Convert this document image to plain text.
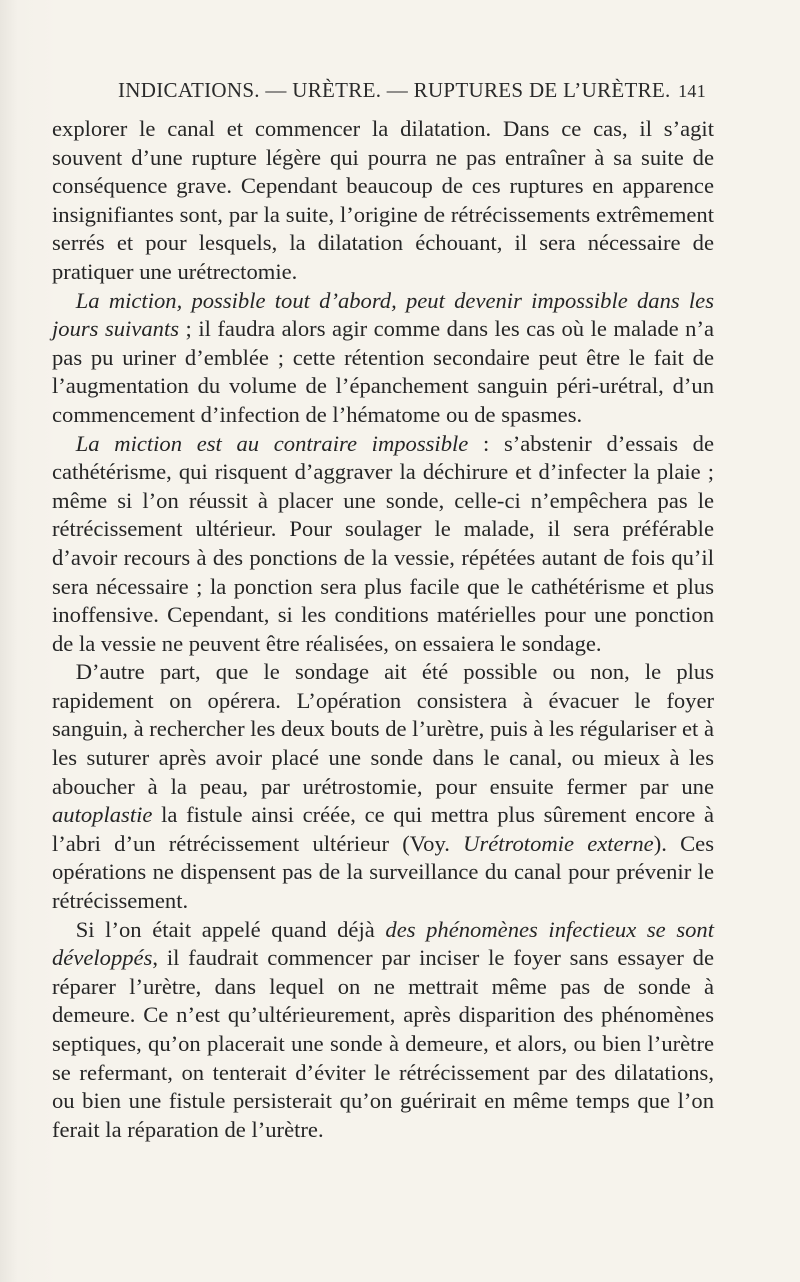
INDICATIONS. — URÈTRE. — RUPTURES DE L’URÈTRE. 141

explorer le canal et commencer la dilatation. Dans ce cas, il s’agit souvent d’une rupture légère qui pourra ne pas entraîner à sa suite de conséquence grave. Cependant beaucoup de ces ruptures en apparence insignifiantes sont, par la suite, l’origine de rétrécissements extrêmement serrés et pour lesquels, la dilatation échouant, il sera nécessaire de pratiquer une urétrectomie.

La miction, possible tout d’abord, peut devenir impossible dans les jours suivants ; il faudra alors agir comme dans les cas où le malade n’a pas pu uriner d’emblée ; cette rétention secondaire peut être le fait de l’augmentation du volume de l’épanchement sanguin péri-urétral, d’un commencement d’infection de l’hématome ou de spasmes.

La miction est au contraire impossible : s’abstenir d’essais de cathétérisme, qui risquent d’aggraver la déchirure et d’infecter la plaie ; même si l’on réussit à placer une sonde, celle-ci n’empêchera pas le rétrécissement ultérieur. Pour soulager le malade, il sera préférable d’avoir recours à des ponctions de la vessie, répétées autant de fois qu’il sera nécessaire ; la ponction sera plus facile que le cathétérisme et plus inoffensive. Cependant, si les conditions matérielles pour une ponction de la vessie ne peuvent être réalisées, on essaiera le sondage.

D’autre part, que le sondage ait été possible ou non, le plus rapidement on opérera. L’opération consistera à évacuer le foyer sanguin, à rechercher les deux bouts de l’urètre, puis à les régulariser et à les suturer après avoir placé une sonde dans le canal, ou mieux à les aboucher à la peau, par urétrostomie, pour ensuite fermer par une autoplastie la fistule ainsi créée, ce qui mettra plus sûrement encore à l’abri d’un rétrécissement ultérieur (Voy. Urétrotomie externe). Ces opérations ne dispensent pas de la surveillance du canal pour prévenir le rétrécissement.

Si l’on était appelé quand déjà des phénomènes infectieux se sont développés, il faudrait commencer par inciser le foyer sans essayer de réparer l’urètre, dans lequel on ne mettrait même pas de sonde à demeure. Ce n’est qu’ultérieurement, après disparition des phénomènes septiques, qu’on placerait une sonde à demeure, et alors, ou bien l’urètre se refermant, on tenterait d’éviter le rétrécissement par des dilatations, ou bien une fistule persisterait qu’on guérirait en même temps que l’on ferait la réparation de l’urètre.
